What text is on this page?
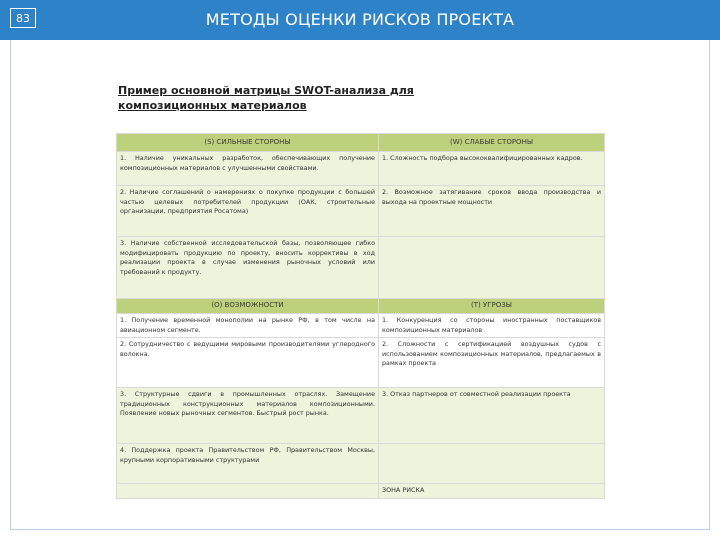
83	МЕТОДЫ ОЦЕНКИ РИСКОВ ПРОЕКТА
Пример основной матрицы SWOT-анализа для композиционных материалов
(S) СИЛЬНЫЕ СТОРОНЫ	(W) СЛАБЫЕ СТОРОНЫ
1. Наличие уникальных разработок, обеспечивающих получение композиционных материалов с улучшенными свойствами.	1. Сложность подбора высококвалифицированных кадров.
2. Наличие соглашений о намерениях о покупке продукции с большей частью целевых потребителей продукции (ОАК, строительные организации, предприятия Росатома)	2. Возможное затягивание сроков ввода производства и выхода на проектные мощности
3. Наличие собственной исследовательской базы, позволяющее гибко модифицировать продукцию по проекту, вносить коррективы в ход реализации проекта в случае изменения рыночных условий или требований к продукту.	
(O) ВОЗМОЖНОСТИ	(T) УГРОЗЫ
1. Получение временной монополии на рынке РФ, в том числе на авиационном сегменте.	1. Конкуренция со стороны иностранных поставщиков композиционных материалов
2. Сотрудничество с ведущими мировыми производителями углеродного волокна.	2. Сложности с сертификацией воздушных судов с использованием композиционных материалов, предлагаемых в рамках проекта
3. Структурные сдвиги в промышленных отраслях. Замещение традиционных конструкционных материалов композиционными. Появление новых рыночных сегментов. Быстрый рост рынка.	3. Отказ партнеров от совместной реализации проекта
4. Поддержка проекта Правительством РФ, Правительством Москвы, крупными корпоративными структурами	
	ЗОНА РИСКА
